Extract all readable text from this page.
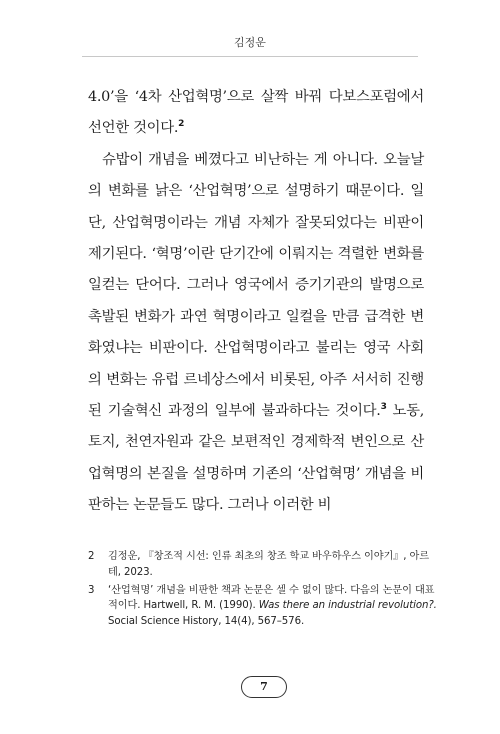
김정운

4.0’을 ‘4차 산업혁명’으로 살짝 바꿔 다보스포럼에서 선언한 것이다.$^2$

슈밥이 개념을 베꼈다고 비난하는 게 아니다. 오늘날의 변화를 낡은 ‘산업혁명’으로 설명하기 때문이다. 일단, 산업혁명이라는 개념 자체가 잘못되었다는 비판이 제기된다. ‘혁명’이란 단기간에 이뤄지는 격렬한 변화를 일컫는 단어다. 그러나 영국에서 증기기관의 발명으로 촉발된 변화가 과연 혁명이라고 일컬을 만큼 급격한 변화였냐는 비판이다. 산업혁명이라고 불리는 영국 사회의 변화는 유럽 르네상스에서 비롯된, 아주 서서히 진행된 기술혁신 과정의 일부에 불과하다는 것이다.$^3$ 노동, 토지, 천연자원과 같은 보편적인 경제학적 변인으로 산업혁명의 본질을 설명하며 기존의 ‘산업혁명’ 개념을 비판하는 논문들도 많다. 그러나 이러한 비

2	김정운, 『창조적 시선: 인류 최초의 창조 학교 바우하우스 이야기』, 아르테, 2023.
3	‘산업혁명’ 개념을 비판한 책과 논문은 셀 수 없이 많다. 다음의 논문이 대표적이다. Hartwell, R. M. (1990). Was there an industrial revolution?. Social Science History, 14(4), 567–576.
7
